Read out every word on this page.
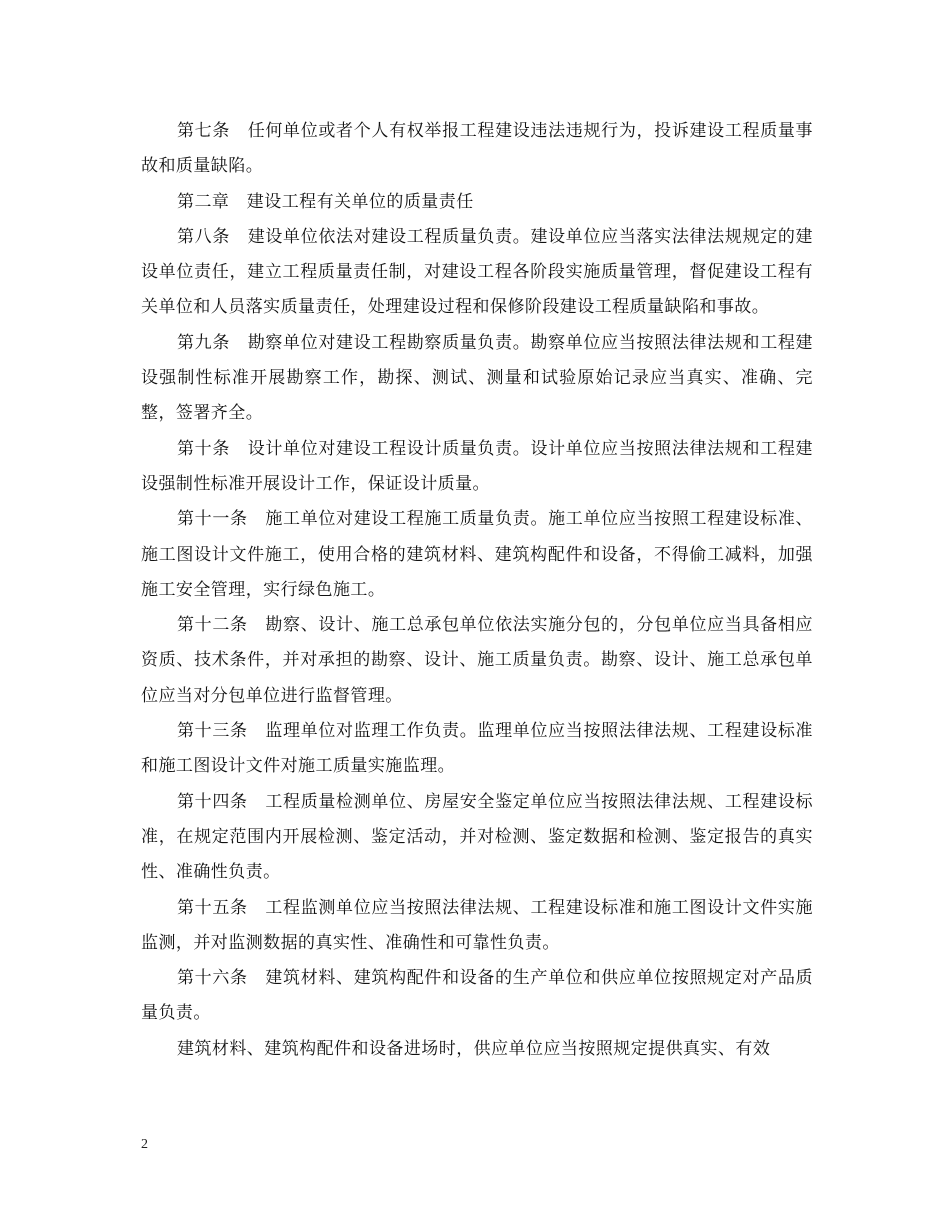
第七条　任何单位或者个人有权举报工程建设违法违规行为，投诉建设工程质量事故和质量缺陷。

第二章　建设工程有关单位的质量责任

第八条　建设单位依法对建设工程质量负责。建设单位应当落实法律法规规定的建设单位责任，建立工程质量责任制，对建设工程各阶段实施质量管理，督促建设工程有关单位和人员落实质量责任，处理建设过程和保修阶段建设工程质量缺陷和事故。

第九条　勘察单位对建设工程勘察质量负责。勘察单位应当按照法律法规和工程建设强制性标准开展勘察工作，勘探、测试、测量和试验原始记录应当真实、准确、完整，签署齐全。

第十条　设计单位对建设工程设计质量负责。设计单位应当按照法律法规和工程建设强制性标准开展设计工作，保证设计质量。

第十一条　施工单位对建设工程施工质量负责。施工单位应当按照工程建设标准、施工图设计文件施工，使用合格的建筑材料、建筑构配件和设备，不得偷工减料，加强施工安全管理，实行绿色施工。

第十二条　勘察、设计、施工总承包单位依法实施分包的，分包单位应当具备相应资质、技术条件，并对承担的勘察、设计、施工质量负责。勘察、设计、施工总承包单位应当对分包单位进行监督管理。

第十三条　监理单位对监理工作负责。监理单位应当按照法律法规、工程建设标准和施工图设计文件对施工质量实施监理。

第十四条　工程质量检测单位、房屋安全鉴定单位应当按照法律法规、工程建设标准，在规定范围内开展检测、鉴定活动，并对检测、鉴定数据和检测、鉴定报告的真实性、准确性负责。

第十五条　工程监测单位应当按照法律法规、工程建设标准和施工图设计文件实施监测，并对监测数据的真实性、准确性和可靠性负责。

第十六条　建筑材料、建筑构配件和设备的生产单位和供应单位按照规定对产品质量负责。

建筑材料、建筑构配件和设备进场时，供应单位应当按照规定提供真实、有效

2
